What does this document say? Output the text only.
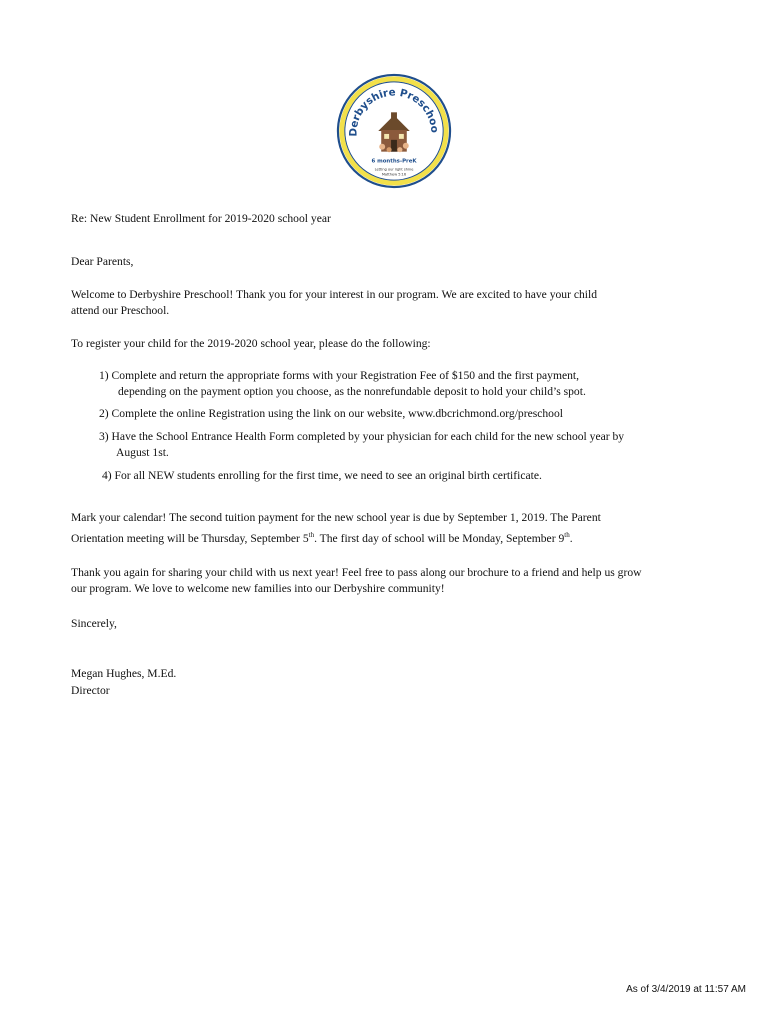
Derbyshire Preschoo
6 months-PreK
Letting our light shine
Matthew 5:16
Re: New Student Enrollment for 2019-2020 school year
Dear Parents,
Welcome to Derbyshire Preschool! Thank you for your interest in our program. We are excited to have your child
attend our Preschool.
To register your child for the 2019-2020 school year, please do the following:
1) Complete and return the appropriate forms with your Registration Fee of $150 and the first payment,
depending on the payment option you choose, as the nonrefundable deposit to hold your child’s spot.
2) Complete the online Registration using the link on our website, www.dbcrichmond.org/preschool
3) Have the School Entrance Health Form completed by your physician for each child for the new school year by
August 1st.
4) For all NEW students enrolling for the first time, we need to see an original birth certificate.
Mark your calendar! The second tuition payment for the new school year is due by September 1, 2019. The Parent
Orientation meeting will be Thursday, September 5th. The first day of school will be Monday, September 9th.
Thank you again for sharing your child with us next year! Feel free to pass along our brochure to a friend and help us grow
our program. We love to welcome new families into our Derbyshire community!
Sincerely,
Megan Hughes, M.Ed.
Director
As of 3/4/2019 at 11:57 AM
